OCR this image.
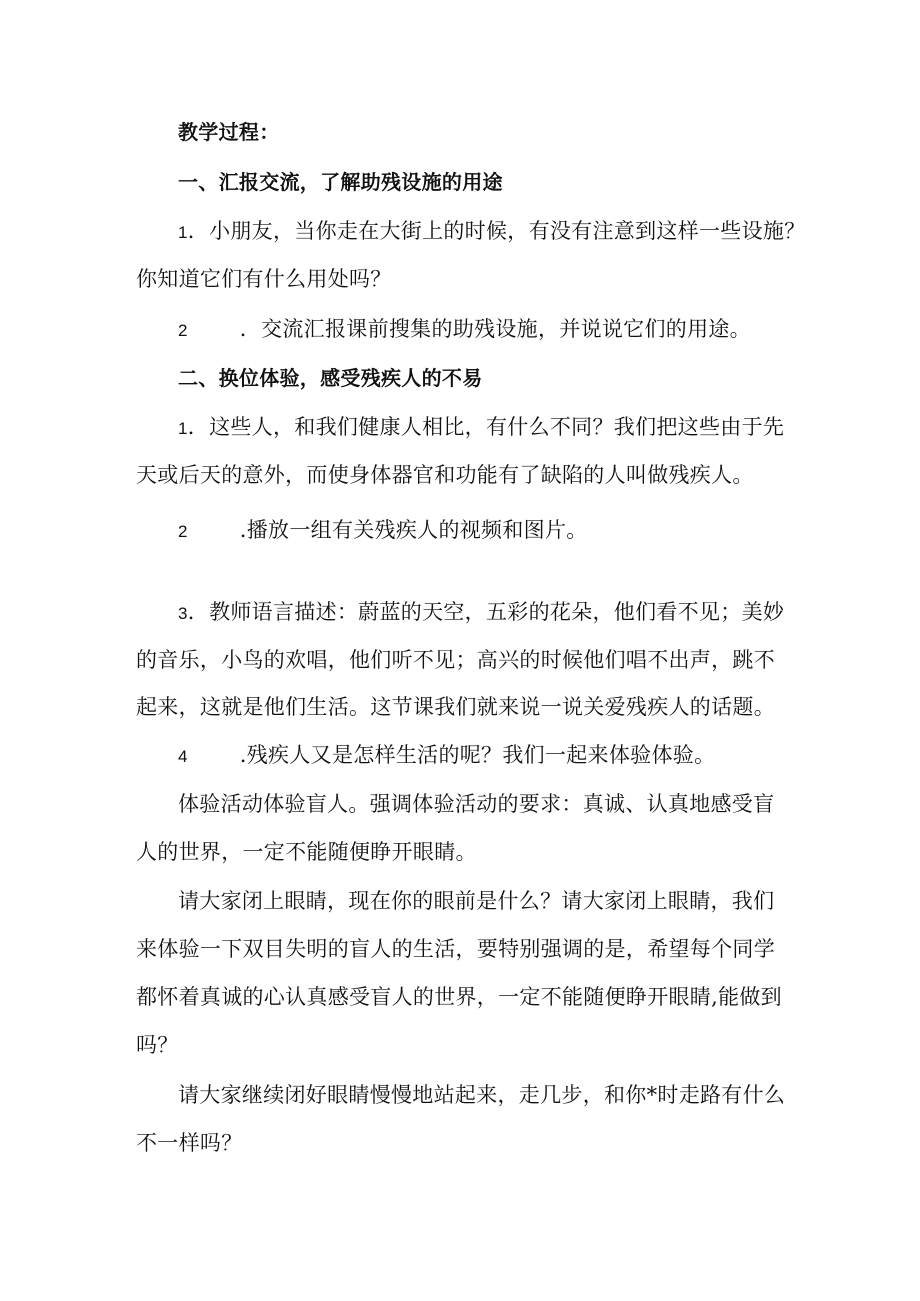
教学过程：
一、汇报交流，了解助残设施的用途
1．小朋友，当你走在大街上的时候，有没有注意到这样一些设施？
你知道它们有什么用处吗？
2 ．交流汇报课前搜集的助残设施，并说说它们的用途。
二、换位体验，感受残疾人的不易
1．这些人，和我们健康人相比，有什么不同？我们把这些由于先
天或后天的意外，而使身体器官和功能有了缺陷的人叫做残疾人。
2 .播放一组有关残疾人的视频和图片。
3．教师语言描述：蔚蓝的天空，五彩的花朵，他们看不见；美妙
的音乐，小鸟的欢唱，他们听不见；高兴的时候他们唱不出声，跳不
起来，这就是他们生活。这节课我们就来说一说关爱残疾人的话题。
4 .残疾人又是怎样生活的呢？我们一起来体验体验。
体验活动体验盲人。强调体验活动的要求：真诚、认真地感受盲
人的世界，一定不能随便睁开眼睛。
请大家闭上眼睛，现在你的眼前是什么？请大家闭上眼睛，我们
来体验一下双目失明的盲人的生活，要特别强调的是，希望每个同学
都怀着真诚的心认真感受盲人的世界，一定不能随便睁开眼睛,能做到
吗？
请大家继续闭好眼睛慢慢地站起来，走几步，和你*时走路有什么
不一样吗？
